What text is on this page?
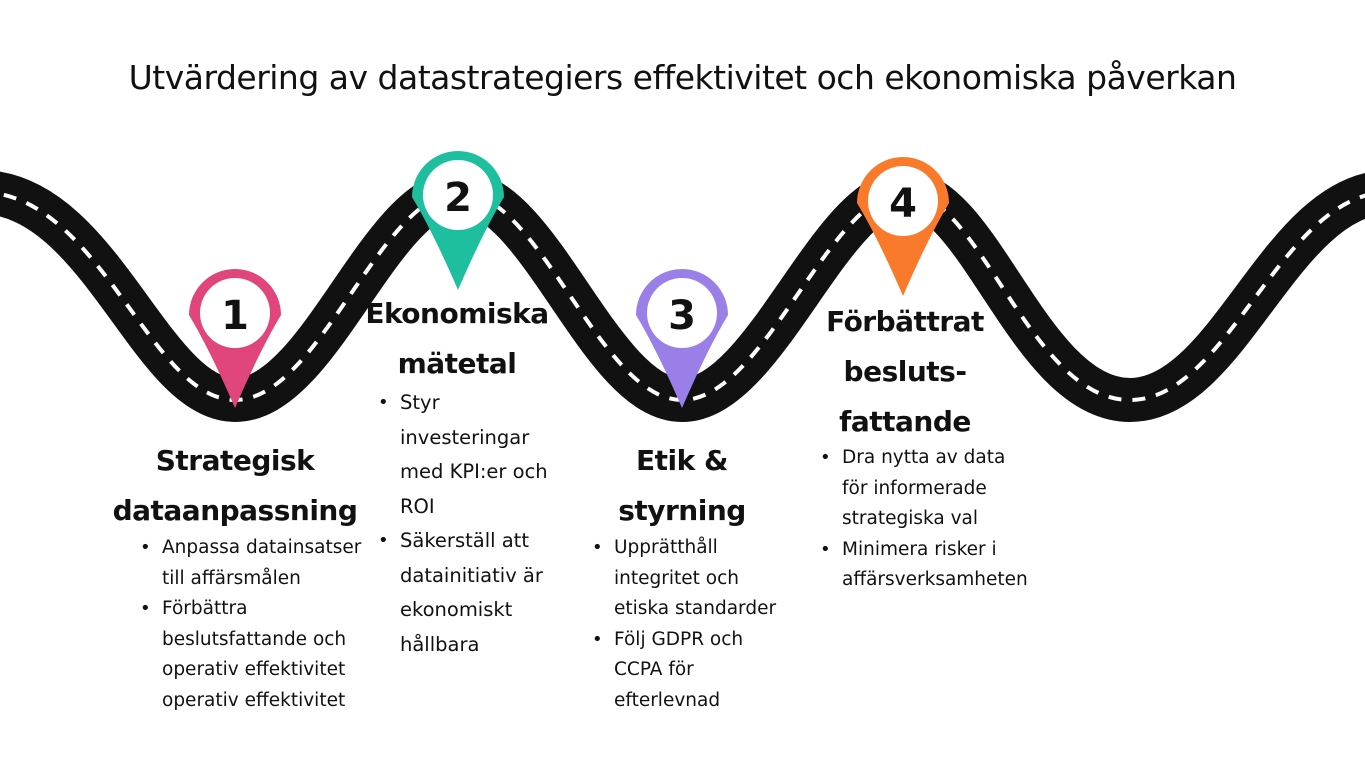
Utvärdering av datastrategiers effektivitet och ekonomiska påverkan
1
2
3
4
Strategisk
dataanpassning
• Anpassa datainsatser
till affärsmålen
• Förbättra
beslutsfattande och
operativ effektivitet
operativ effektivitet
Ekonomiska
mätetal
• Styr
investeringar
med KPI:er och
ROI
• Säkerställ att
datainitiativ är
ekonomiskt
hållbara
Etik &
styrning
• Upprätthåll
integritet och
etiska standarder
• Följ GDPR och
CCPA för
efterlevnad
Förbättrat
besluts-
fattande
• Dra nytta av data
för informerade
strategiska val
• Minimera risker i
affärsverksamheten
